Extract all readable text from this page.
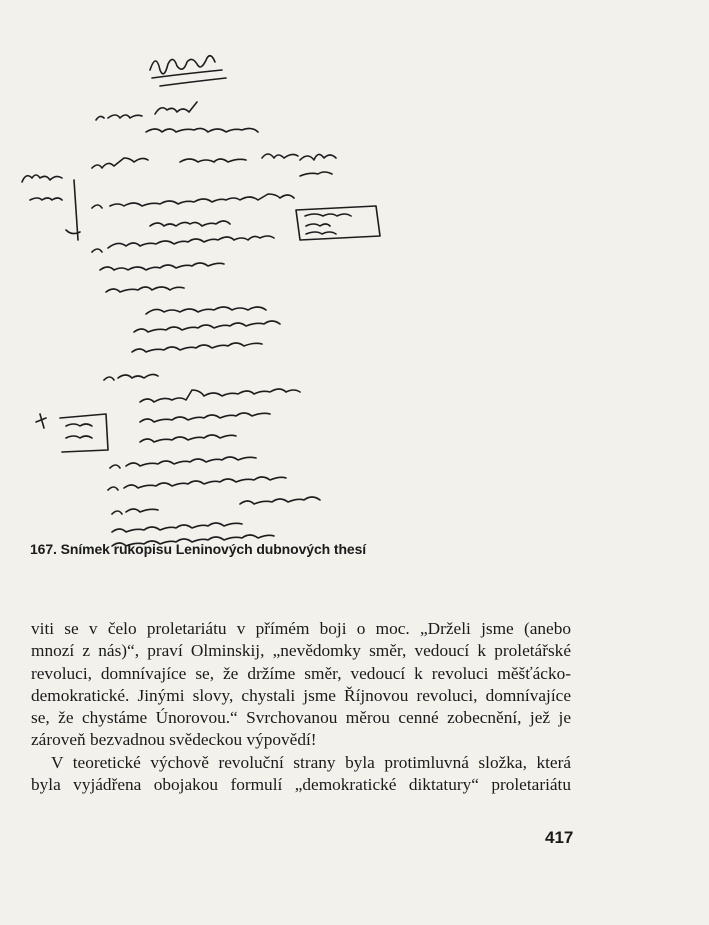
167. Snímek rukopisu Leninových dubnových thesí

viti se v čelo proletariátu v přímém boji o moc. „Drželi jsme (anebo

mnozí z nás)“, praví Olminskij, „nevědomky směr, vedoucí k proletářské

revoluci, domnívajíce se, že držíme směr, vedoucí k revoluci měšťácko-

demokratické. Jinými slovy, chystali jsme Říjnovou revoluci, domnívajíce

se, že chystáme Únorovou.“ Svrchovanou měrou cenné zobecnění, jež je

zároveň bezvadnou svědeckou výpovědí!

V teoretické výchově revoluční strany byla protimluvná složka, která

byla vyjádřena obojakou formulí „demokratické diktatury“ proletariátu

417
